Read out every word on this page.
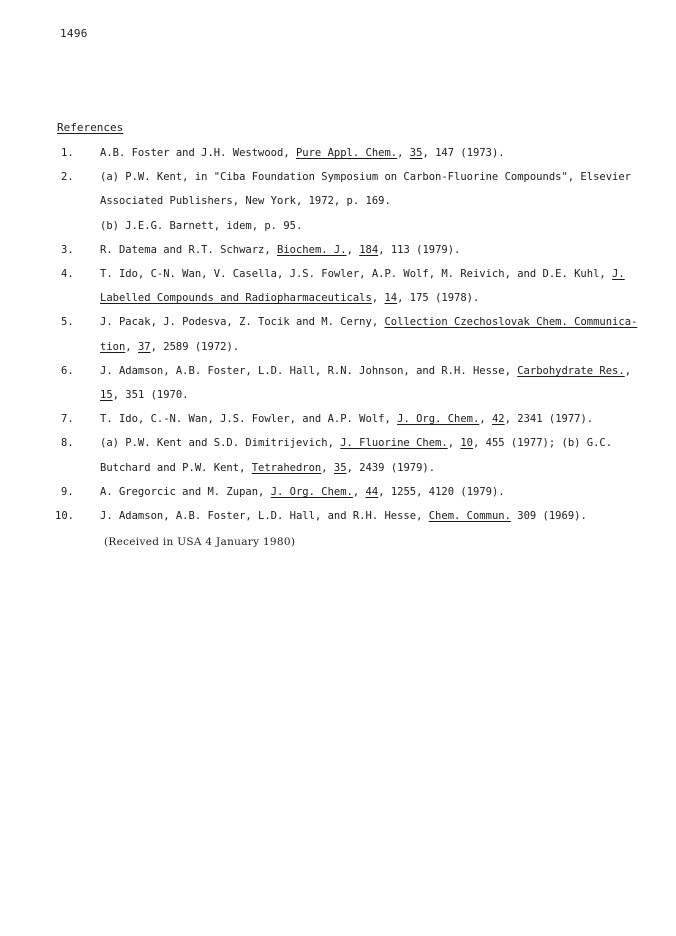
1496
References
1.	A.B. Foster and J.H. Westwood, Pure Appl. Chem., 35, 147 (1973).
2.	(a) P.W. Kent, in "Ciba Foundation Symposium on Carbon-Fluorine Compounds", Elsevier
Associated Publishers, New York, 1972, p. 169.
(b) J.E.G. Barnett, idem, p. 95.
3.	R. Datema and R.T. Schwarz, Biochem. J., 184, 113 (1979).
4.	T. Ido, C-N. Wan, V. Casella, J.S. Fowler, A.P. Wolf, M. Reivich, and D.E. Kuhl, J.
Labelled Compounds and Radiopharmaceuticals, 14, 175 (1978).
5.	J. Pacak, J. Podesva, Z. Tocik and M. Cerny, Collection Czechoslovak Chem. Communica-
tion, 37, 2589 (1972).
6.	J. Adamson, A.B. Foster, L.D. Hall, R.N. Johnson, and R.H. Hesse, Carbohydrate Res.,
15, 351 (1970.
7.	T. Ido, C.-N. Wan, J.S. Fowler, and A.P. Wolf, J. Org. Chem., 42, 2341 (1977).
8.	(a) P.W. Kent and S.D. Dimitrijevich, J. Fluorine Chem., 10, 455 (1977); (b) G.C.
Butchard and P.W. Kent, Tetrahedron, 35, 2439 (1979).
9.	A. Gregorcic and M. Zupan, J. Org. Chem., 44, 1255, 4120 (1979).
10.	J. Adamson, A.B. Foster, L.D. Hall, and R.H. Hesse, Chem. Commun. 309 (1969).
(Received in USA 4 January 1980)
